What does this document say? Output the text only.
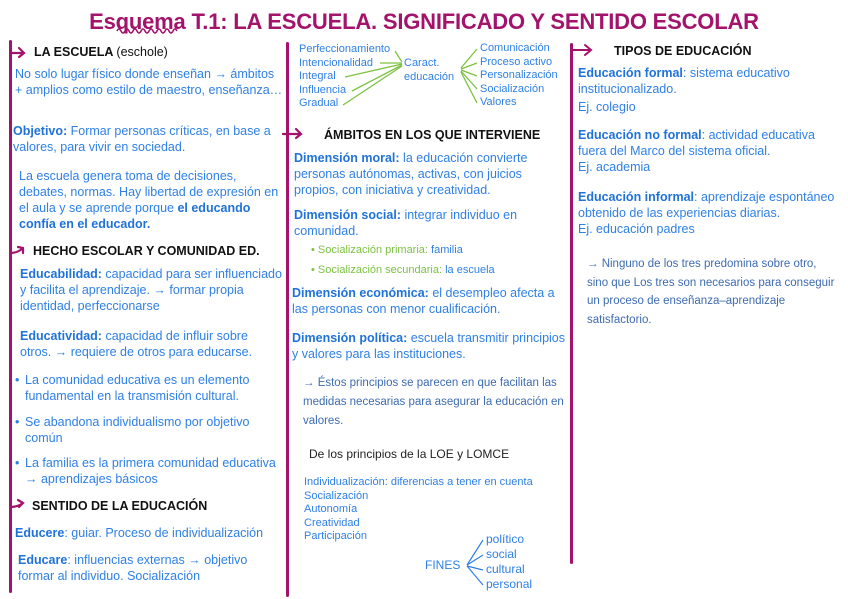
Esquema T.1: LA ESCUELA. SIGNIFICADO Y SENTIDO ESCOLAR
LA ESCUELA (eschole)
No solo lugar físico donde enseñan → ámbitos + amplios como estilo de maestro, enseñanza…
Objetivo: Formar personas críticas, en base a valores, para vivir en sociedad.
La escuela genera toma de decisiones, debates, normas. Hay libertad de expresión en el aula y se aprende porque el educando confía en el educador.
HECHO ESCOLAR Y COMUNIDAD ED.
Educabilidad: capacidad para ser influenciado y facilita el aprendizaje. → formar propia identidad, perfeccionarse
Educatividad: capacidad de influir sobre otros. → requiere de otros para educarse.
• La comunidad educativa es un elemento fundamental en la transmisión cultural.
• Se abandona individualismo por objetivo común
• La familia es la primera comunidad educativa → aprendizajes básicos
SENTIDO DE LA EDUCACIÓN
Educere: guiar. Proceso de individualización
Educare: influencias externas → objetivo formar al individuo. Socialización
Perfeccionamiento
Intencionalidad
Integral
Influencia
Gradual
Caract.
educación
Comunicación
Proceso activo
Personalización
Socialización
Valores
ÁMBITOS EN LOS QUE INTERVIENE
Dimensión moral: la educación convierte personas autónomas, activas, con juicios propios, con iniciativa y creatividad.
Dimensión social: integrar individuo en comunidad.
• Socialización primaria: familia
• Socialización secundaria: la escuela
Dimensión económica: el desempleo afecta a las personas con menor cualificación.
Dimensión política: escuela transmitir principios y valores para las instituciones.
→ Éstos principios se parecen en que facilitan las medidas necesarias para asegurar la educación en valores.
De los principios de la LOE y LOMCE
Individualización: diferencias a tener en cuenta
Socialización
Autonomía
Creatividad
Participación
FINES
político
social
cultural
personal
TIPOS DE EDUCACIÓN
Educación formal: sistema educativo institucionalizado.
Ej. colegio
Educación no formal: actividad educativa fuera del Marco del sistema oficial.
Ej. academia
Educación informal: aprendizaje espontáneo obtenido de las experiencias diarias.
Ej. educación padres
→ Ninguno de los tres predomina sobre otro, sino que Los tres son necesarios para conseguir un proceso de enseñanza–aprendizaje satisfactorio.
